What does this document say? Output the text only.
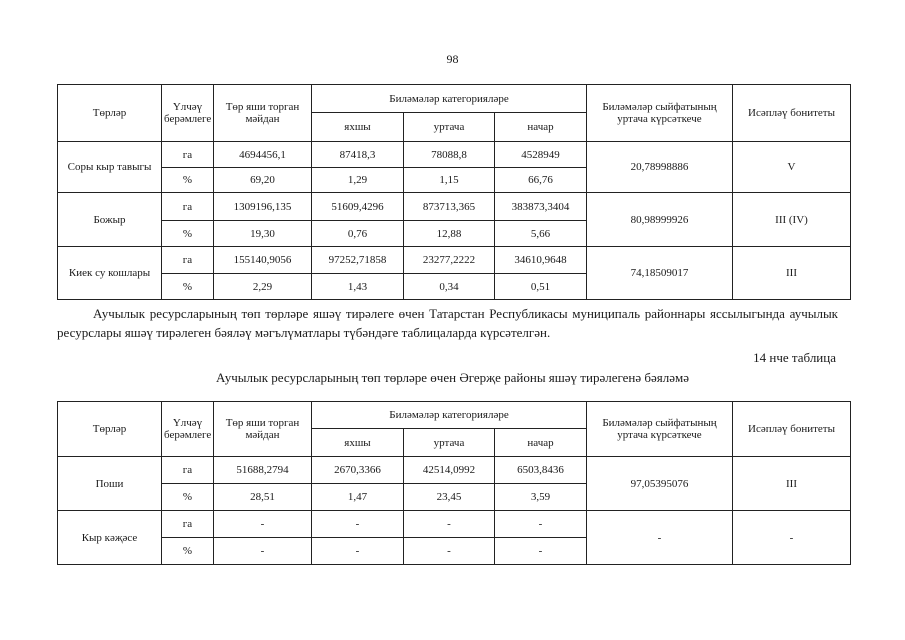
98
Төрләр	Үлчәү берәмлеге	Төр яши торган мәйдан	Биләмәләр категорияләре			Биләмәләр сыйфатының уртача күрсәткече	Исәпләү бонитеты
			яхшы	уртача	начар		
Соры кыр тавыгы	га	4694456,1	87418,3	78088,8	4528949	20,78998886	V
	%	69,20	1,29	1,15	66,76		
Божыр	га	1309196,135	51609,4296	873713,365	383873,3404	80,98999926	III (IV)
	%	19,30	0,76	12,88	5,66		
Киек су кошлары	га	155140,9056	97252,71858	23277,2222	34610,9648	74,18509017	III
	%	2,29	1,43	0,34	0,51		
Аучылык ресурсларының төп төрләре яшәү тирәлеге өчен Татарстан Республикасы муниципаль районнары яссылыгында аучылык ресурслары яшәү тирәлеген бәяләү мәгълүматлары түбәндәге таблицаларда күрсәтелгән.
14 нче таблица
Аучылык ресурсларының төп төрләре өчен Әгерҗе районы яшәү тирәлегенә бәяләмә
Төрләр	Үлчәү берәмлеге	Төр яши торган мәйдан	Биләмәләр категорияләре			Биләмәләр сыйфатының уртача күрсәткече	Исәпләү бонитеты
			яхшы	уртача	начар		
Поши	га	51688,2794	2670,3366	42514,0992	6503,8436	97,05395076	III
	%	28,51	1,47	23,45	3,59		
Кыр кәҗәсе	га	-	-	-	-	-	-
	%	-	-	-	-		
